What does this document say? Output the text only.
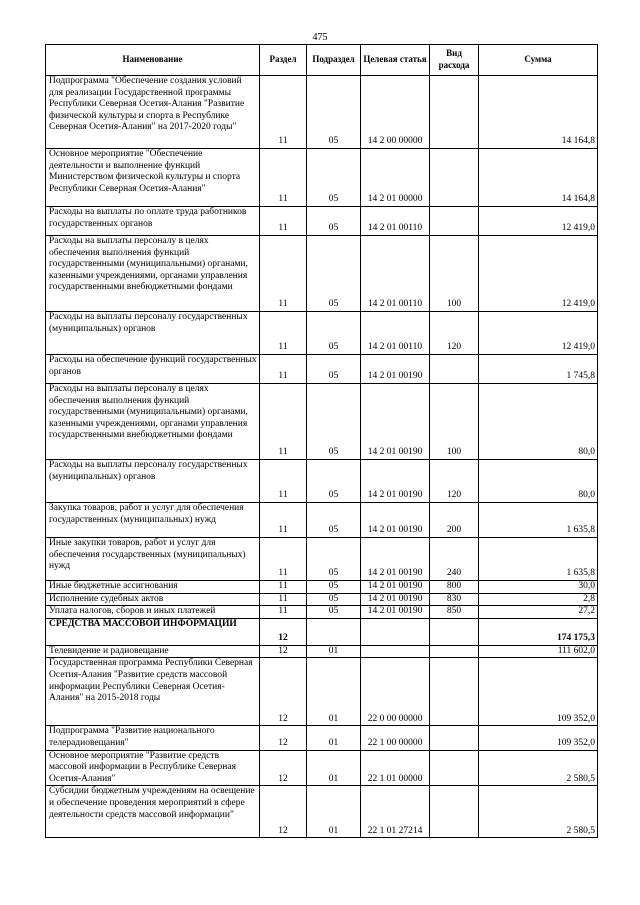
475
Наименование	Раздел	Подраздел	Целевая статья	Вид расхода	Сумма
Подпрограмма "Обеспечение создания условий для реализации Государственной программы Республики Северная Осетия-Алания "Развитие физической культуры и спорта в Республике Северная Осетия-Алания" на 2017-2020 годы"	11	05	14 2 00 00000		14 164,8
Основное мероприятие "Обеспечение деятельности и выполнение функций Министерством физической культуры и спорта Республики Северная Осетия-Алания"	11	05	14 2 01 00000		14 164,8
Расходы на выплаты по оплате труда работников государственных органов	11	05	14 2 01 00110		12 419,0
Расходы на выплаты персоналу в целях обеспечения выполнения функций государственными (муниципальными) органами, казенными учреждениями, органами управления государственными внебюджетными фондами	11	05	14 2 01 00110	100	12 419,0
Расходы на выплаты персоналу государственных (муниципальных) органов	11	05	14 2 01 00110	120	12 419,0
Расходы на обеспечение функций государственных органов	11	05	14 2 01 00190		1 745,8
Расходы на выплаты персоналу в целях обеспечения выполнения функций государственными (муниципальными) органами, казенными учреждениями, органами управления государственными внебюджетными фондами	11	05	14 2 01 00190	100	80,0
Расходы на выплаты персоналу государственных (муниципальных) органов	11	05	14 2 01 00190	120	80,0
Закупка товаров, работ и услуг для обеспечения государственных (муниципальных) нужд	11	05	14 2 01 00190	200	1 635,8
Иные закупки товаров, работ и услуг для обеспечения государственных (муниципальных) нужд	11	05	14 2 01 00190	240	1 635,8
Иные бюджетные ассигнования	11	05	14 2 01 00190	800	30,0
Исполнение судебных актов	11	05	14 2 01 00190	830	2,8
Уплата налогов, сборов и иных платежей	11	05	14 2 01 00190	850	27,2
СРЕДСТВА МАССОВОЙ ИНФОРМАЦИИ	12				174 175,3
Телевидение и радиовещание	12	01			111 602,0
Государственная программа Республики Северная Осетия-Алания "Развитие средств массовой информации Республики Северная Осетия-Алания" на 2015-2018 годы	12	01	22 0 00 00000		109 352,0
Подпрограмма "Развитие национального телерадиовещания"	12	01	22 1 00 00000		109 352,0
Основное мероприятие "Развитие средств массовой информации в Республике Северная Осетия-Алания"	12	01	22 1 01 00000		2 580,5
Субсидии бюджетным учреждениям на освещение и обеспечение проведения мероприятий в сфере деятельности средств массовой информации"	12	01	22 1 01 27214		2 580,5
